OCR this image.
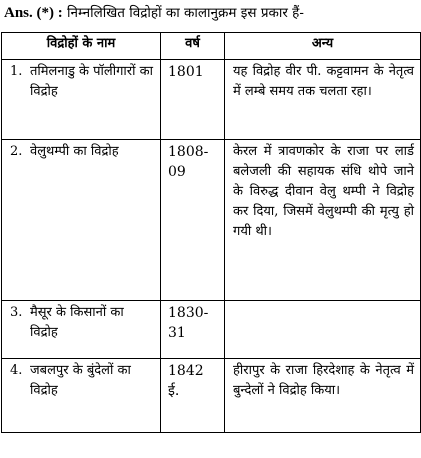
Ans. (*) : निम्नलिखित विद्रोहों का कालानुक्रम इस प्रकार हैं-
विद्रोहों के नाम	वर्ष	अन्य
1. तमिलनाडु के पॉलीगारों का विद्रोह	1801	यह विद्रोह वीर पी. कट्टवामन के नेतृत्व में लम्बे समय तक चलता रहा।
2. वेलुथम्पी का विद्रोह	1808-09	केरल में त्रावणकोर के राजा पर लार्ड बलेजली की सहायक संधि थोपे जाने के विरुद्ध दीवान वेलु थम्पी ने विद्रोह कर दिया, जिसमें वेलुथम्पी की मृत्यु हो गयी थी।
3. मैसूर के किसानों का विद्रोह	1830-31	
4. जबलपुर के बुंदेलों का विद्रोह	1842 ई.	हीरापुर के राजा हिरदेशाह के नेतृत्व में बुन्देलों ने विद्रोह किया।
